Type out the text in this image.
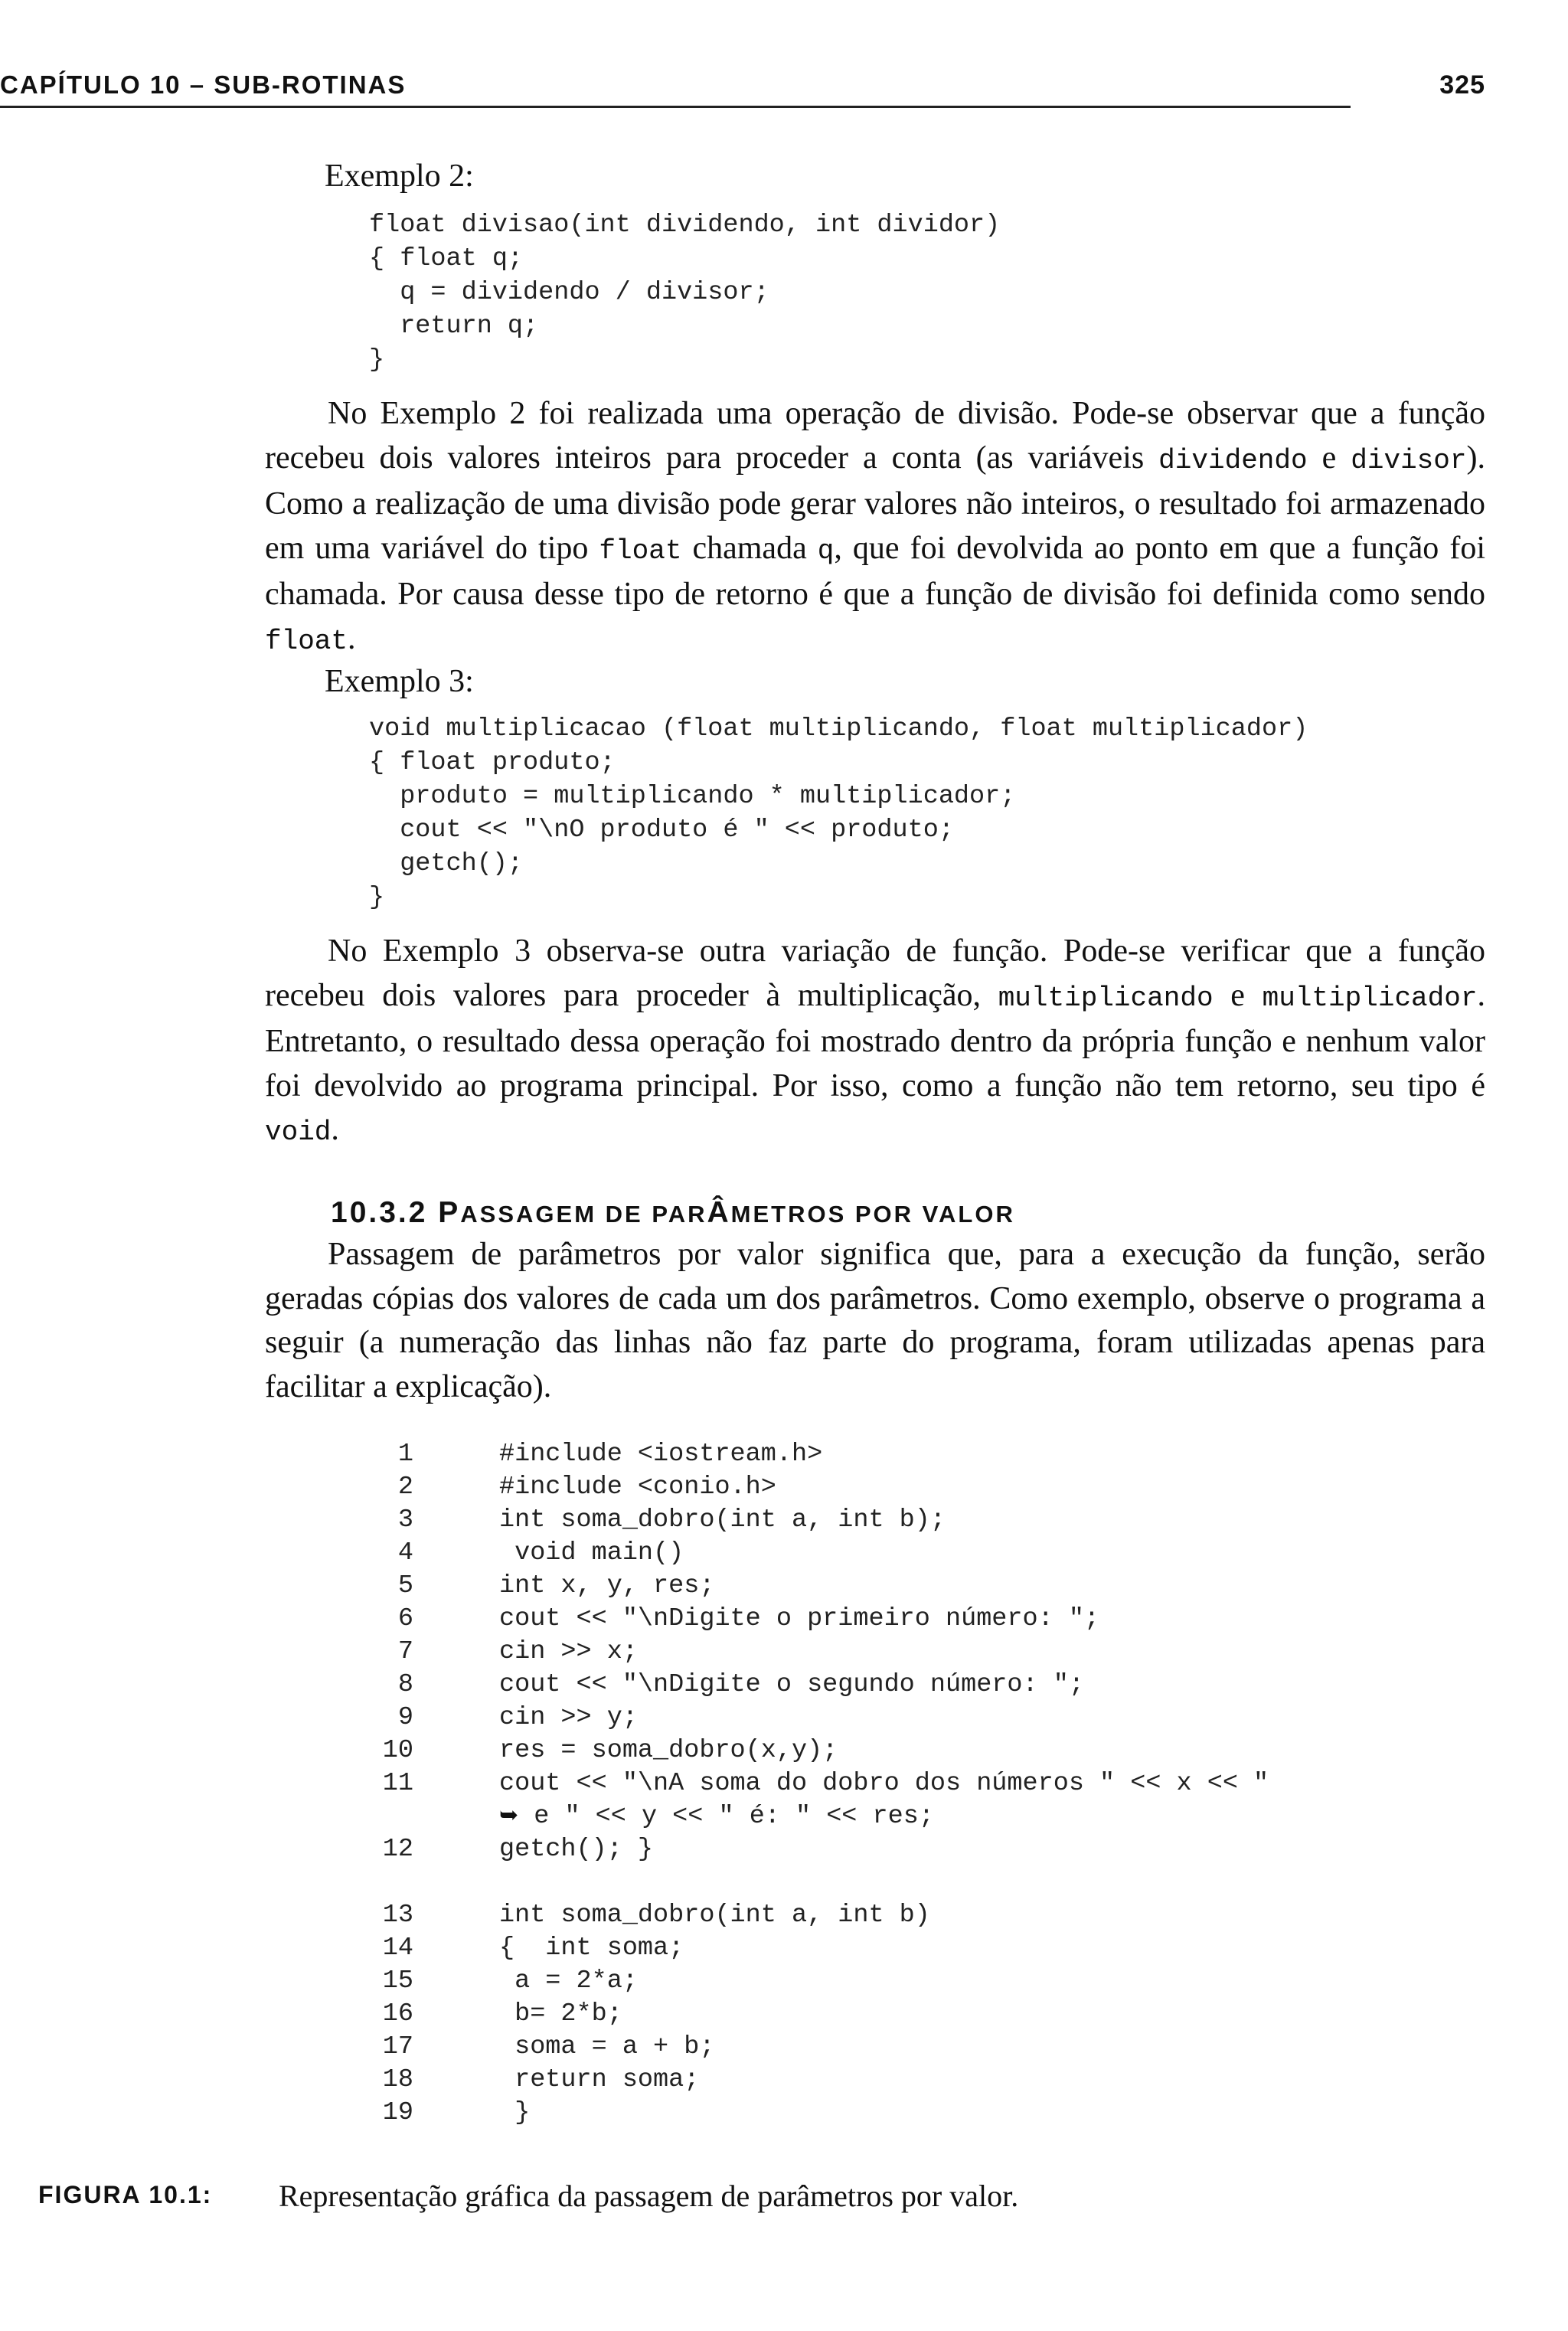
CAPÍTULO 10 – SUB-ROTINAS	325
Exemplo 2:
float divisao(int dividendo, int dividor)
{ float q;
q = dividendo / divisor;
return q;
}

No Exemplo 2 foi realizada uma operação de divisão. Pode-se observar que a função recebeu dois valores inteiros para proceder a conta (as variáveis dividendo e divisor). Como a realização de uma divisão pode gerar valores não inteiros, o resultado foi armazenado em uma variável do tipo float chamada q, que foi devolvida ao ponto em que a função foi chamada. Por causa desse tipo de retorno é que a função de divisão foi definida como sendo float.

Exemplo 3:
void multiplicacao (float multiplicando, float multiplicador)
{ float produto;
produto = multiplicando * multiplicador;
cout << "\nO produto é " << produto;
getch();
}

No Exemplo 3 observa-se outra variação de função. Pode-se verificar que a função recebeu dois valores para proceder à multiplicação, multiplicando e multiplicador. Entretanto, o resultado dessa operação foi mostrado dentro da própria função e nenhum valor foi devolvido ao programa principal. Por isso, como a função não tem retorno, seu tipo é void.

10.3.2 PASSAGEM DE PARÂMETROS POR VALOR

Passagem de parâmetros por valor significa que, para a execução da função, serão geradas cópias dos valores de cada um dos parâmetros. Como exemplo, observe o programa a seguir (a numeração das linhas não faz parte do programa, foram utilizadas apenas para facilitar a explicação).

1	#include <iostream.h>
2	#include <conio.h>
3	int soma_dobro(int a, int b);
4	void main()
5	int x, y, res;
6	cout << "\nDigite o primeiro número: ";
7	cin >> x;
8	cout << "\nDigite o segundo número: ";
9	cin >> y;
10	res = soma_dobro(x,y);
11	cout << "\nA soma do dobro dos números " << x << "
➥ e " << y << " é: " << res;
12	getch(); }
13	int soma_dobro(int a, int b)
14	{  int soma;
15	a = 2*a;
16	b= 2*b;
17	soma = a + b;
18	return soma;
19	}
FIGURA 10.1: Representação gráfica da passagem de parâmetros por valor.
